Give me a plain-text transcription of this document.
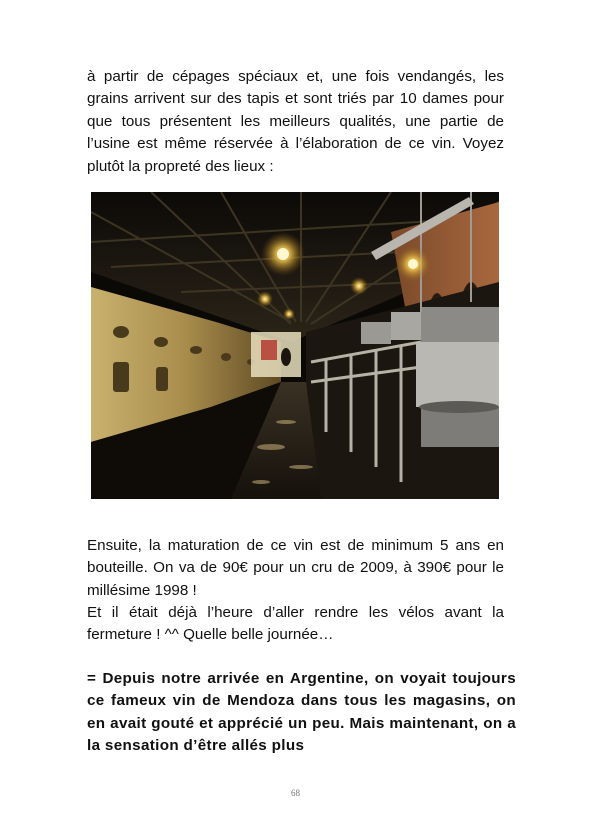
à partir de cépages spéciaux et, une fois vendangés, les grains arrivent sur des tapis et sont triés par 10 dames pour que tous présentent les meilleurs qualités, une partie de l’usine est même réservée à l’élaboration de ce vin. Voyez plutôt la propreté des lieux :

Ensuite, la maturation de ce vin est de minimum 5 ans en bouteille. On va de 90€ pour un cru de 2009, à 390€ pour le millésime 1998 !

Et il était déjà l’heure d’aller rendre les vélos avant la fermeture ! ^^ Quelle belle journée…

= Depuis notre arrivée en Argentine, on voyait toujours ce fameux vin de Mendoza dans tous les magasins, on en avait gouté et apprécié un peu. Mais maintenant, on a la sensation d’être allés plus

68
